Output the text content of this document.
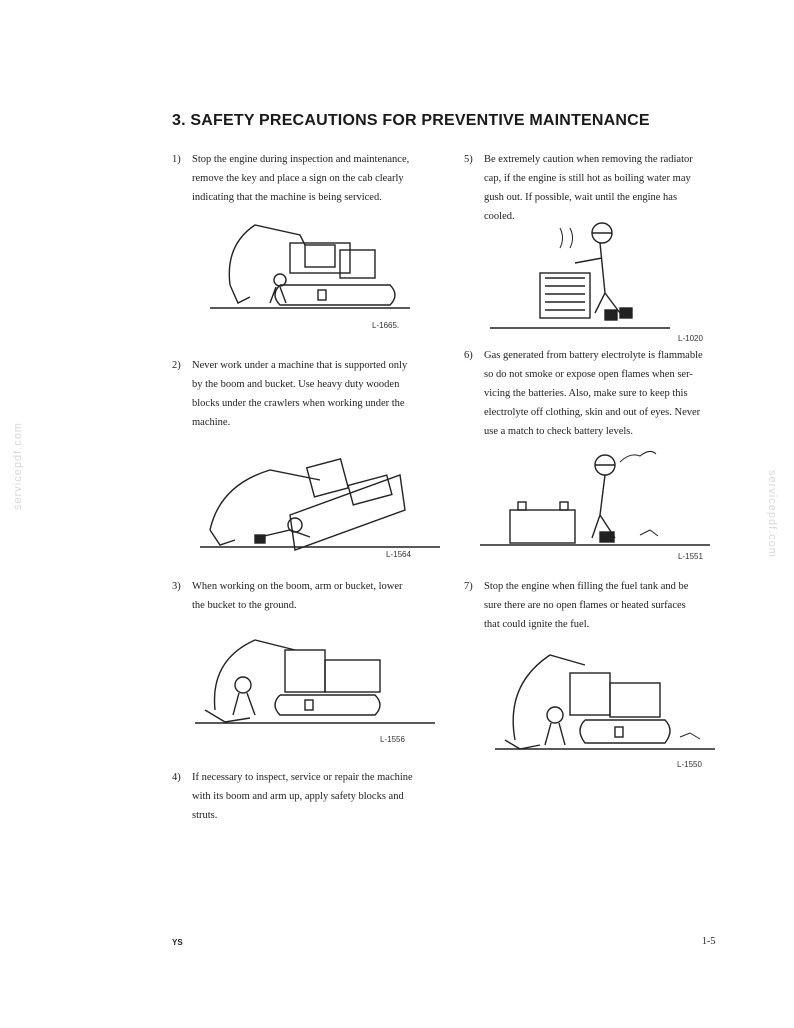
3. SAFETY PRECAUTIONS FOR PREVENTIVE MAINTENANCE
1) Stop the engine during inspection and maintenance,
remove the key and place a sign on the cab clearly
indicating that the machine is being serviced.
L-1665.
2) Never work under a machine that is supported only
by the boom and bucket. Use heavy duty wooden
blocks under the crawlers when working under the
machine.
L-1564
3) When working on the boom, arm or bucket, lower
the bucket to the ground.
L-1556
4) If necessary to inspect, service or repair the machine
with its boom and arm up, apply safety blocks and
struts.
5) Be extremely caution when removing the radiator
cap, if the engine is still hot as boiling water may
gush out. If possible, wait until the engine has
cooled.
L-1020
6) Gas generated from battery electrolyte is flammable
so do not smoke or expose open flames when ser-
vicing the batteries. Also, make sure to keep this
electrolyte off clothing, skin and out of eyes. Never
use a match to check battery levels.
L-1551
7) Stop the engine when filling the fuel tank and be
sure there are no open flames or heated surfaces
that could ignite the fuel.
L-1550
servicepdf.com
servicepdf.com
YS	1-5
